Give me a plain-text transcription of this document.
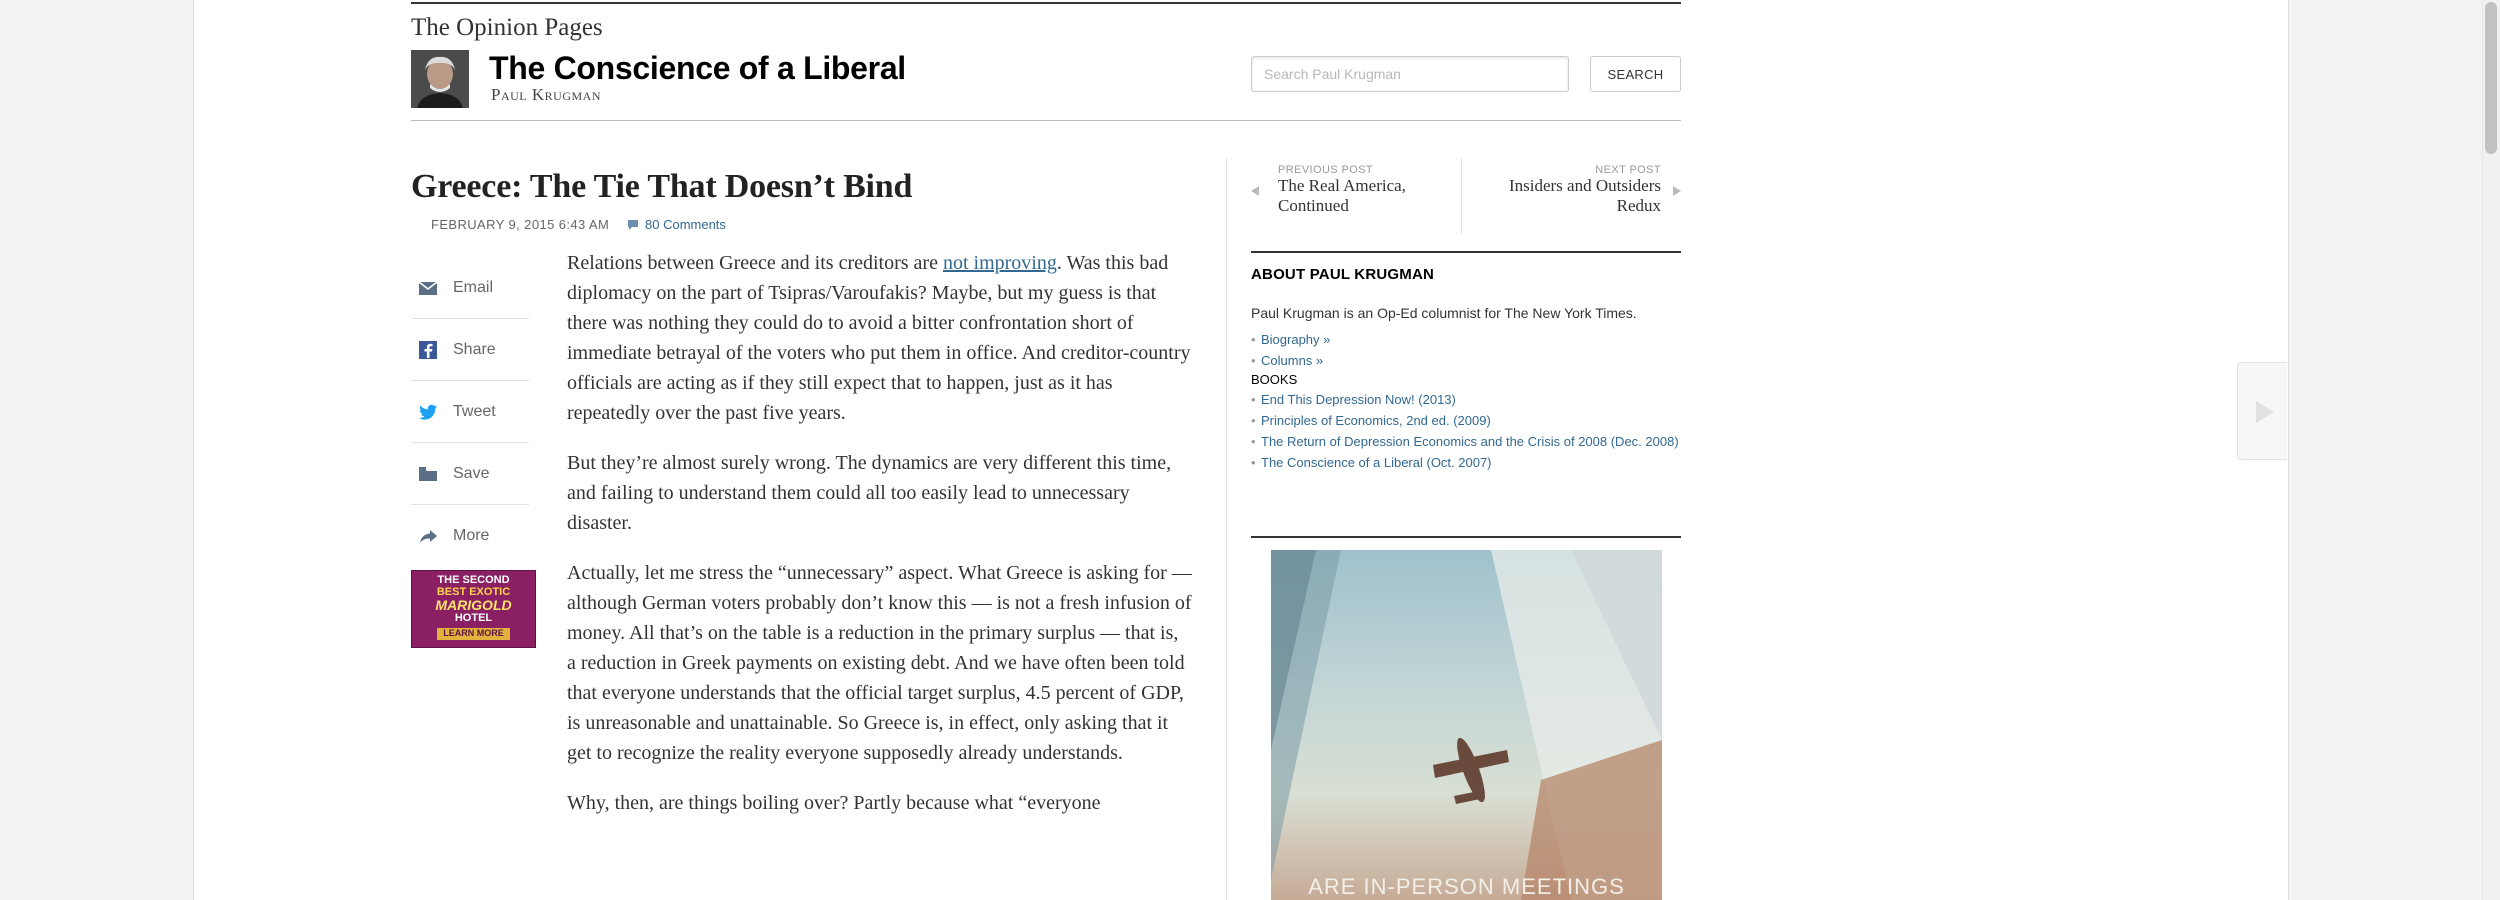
The Opinion Pages
The Conscience of a Liberal
Paul Krugman
Search Paul Krugman
SEARCH
Greece: The Tie That Doesn’t Bind
FEBRUARY 9, 2015 6:43 AM	80 Comments
Email
Share
Tweet
Save
More
THE SECOND
BEST EXOTIC
MARIGOLD
HOTEL
LEARN MORE

Relations between Greece and its creditors are not improving. Was this bad diplomacy on the part of Tsipras/Varoufakis? Maybe, but my guess is that there was nothing they could do to avoid a bitter confrontation short of immediate betrayal of the voters who put them in office. And creditor-country officials are acting as if they still expect that to happen, just as it has repeatedly over the past five years.

But they’re almost surely wrong. The dynamics are very different this time, and failing to understand them could all too easily lead to unnecessary disaster.

Actually, let me stress the “unnecessary” aspect. What Greece is asking for — although German voters probably don’t know this — is not a fresh infusion of money. All that’s on the table is a reduction in the primary surplus — that is, a reduction in Greek payments on existing debt. And we have often been told that everyone understands that the official target surplus, 4.5 percent of GDP, is unreasonable and unattainable. So Greece is, in effect, only asking that it get to recognize the reality everyone supposedly already understands.

Why, then, are things boiling over? Partly because what “everyone

PREVIOUS POST
The Real America, Continued
NEXT POST
Insiders and Outsiders Redux
ABOUT PAUL KRUGMAN
Paul Krugman is an Op-Ed columnist for The New York Times.
• Biography »
• Columns »
BOOKS
• End This Depression Now! (2013)
• Principles of Economics, 2nd ed. (2009)
• The Return of Depression Economics and the Crisis of 2008 (Dec. 2008)
• The Conscience of a Liberal (Oct. 2007)
ARE IN-PERSON MEETINGS
